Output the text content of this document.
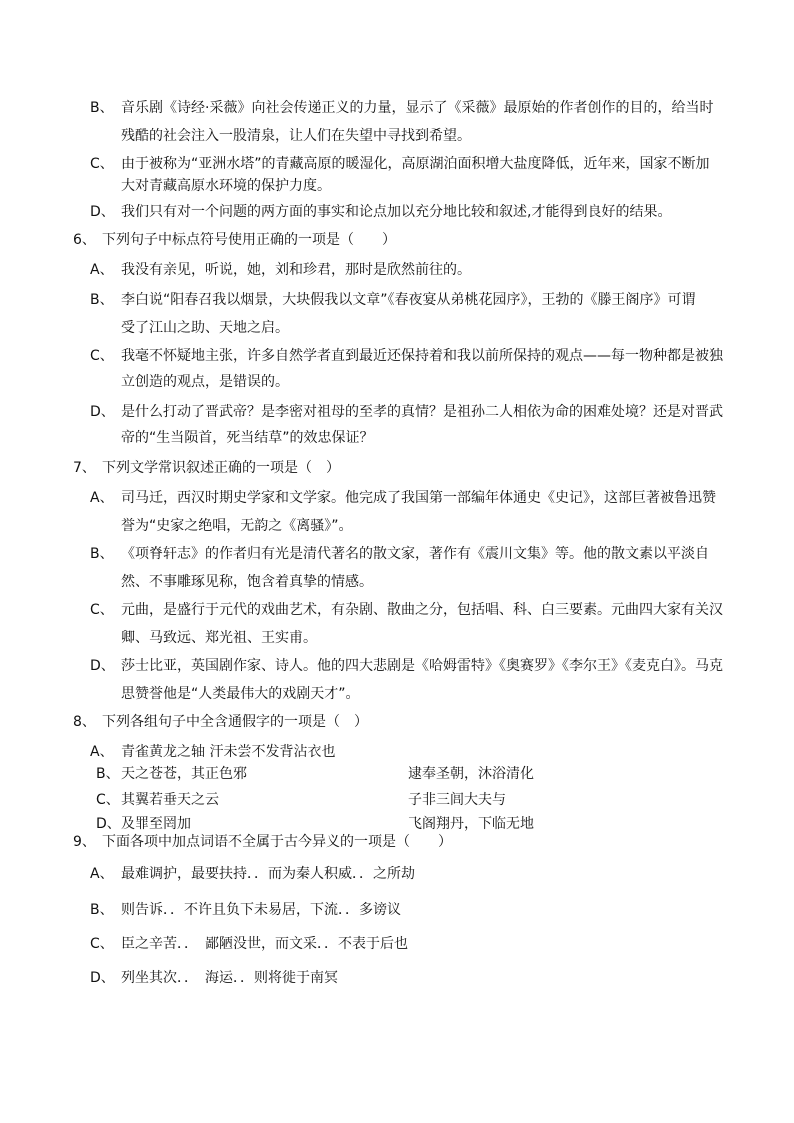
B、 音乐剧《诗经·采薇》向社会传递正义的力量，显示了《采薇》最原始的作者创作的目的，给当时
残酷的社会注入一股清泉，让人们在失望中寻找到希望。
C、 由于被称为“亚洲水塔”的青藏高原的暖湿化，高原湖泊面积增大盐度降低，近年来，国家不断加
大对青藏高原水环境的保护力度。
D、 我们只有对一个问题的两方面的事实和论点加以充分地比较和叙述,才能得到良好的结果。
6、 下列句子中标点符号使用正确的一项是（　　）
A、 我没有亲见，听说，她，刘和珍君，那时是欣然前往的。
B、 李白说“阳春召我以烟景，大块假我以文章”《春夜宴从弟桃花园序》，王勃的《滕王阁序》可谓
受了江山之助、天地之启。
C、 我毫不怀疑地主张，许多自然学者直到最近还保持着和我以前所保持的观点——每一物种都是被独
立创造的观点，是错误的。
D、 是什么打动了晋武帝？是李密对祖母的至孝的真情？是祖孙二人相依为命的困难处境？还是对晋武
帝的“生当陨首，死当结草”的效忠保证？
7、 下列文学常识叙述正确的一项是（　）
A、 司马迁，西汉时期史学家和文学家。他完成了我国第一部编年体通史《史记》，这部巨著被鲁迅赞
誉为“史家之绝唱，无韵之《离骚》”。
B、 《项脊轩志》的作者归有光是清代著名的散文家，著作有《震川文集》等。他的散文素以平淡自
然、不事雕琢见称，饱含着真挚的情感。
C、 元曲，是盛行于元代的戏曲艺术，有杂剧、散曲之分，包括唱、科、白三要素。元曲四大家有关汉
卿、马致远、郑光祖、王实甫。
D、 莎士比亚，英国剧作家、诗人。他的四大悲剧是《哈姆雷特》《奥赛罗》《李尔王》《麦克白》。马克
思赞誉他是“人类最伟大的戏剧天才”。
8、 下列各组句子中全含通假字的一项是（　）
A、 青雀黄龙之轴 汗未尝不发背沾衣也
B、 天之苍苍，其正色邪	逮奉圣朝，沐浴清化
C、 其翼若垂天之云	子非三闾大夫与
D、 及罪至罔加	飞阁翔丹，下临无地
9、 下面各项中加点词语不全属于古今异义的一项是（　　）
A、 最难调护，最要扶持．．而为秦人积威．．之所劫
B、 则告诉．．不许且负下未易居，下流．．多谤议
C、 臣之辛苦．．　鄙陋没世，而文采．．不表于后也
D、 列坐其次．．　海运．．则将徙于南冥
